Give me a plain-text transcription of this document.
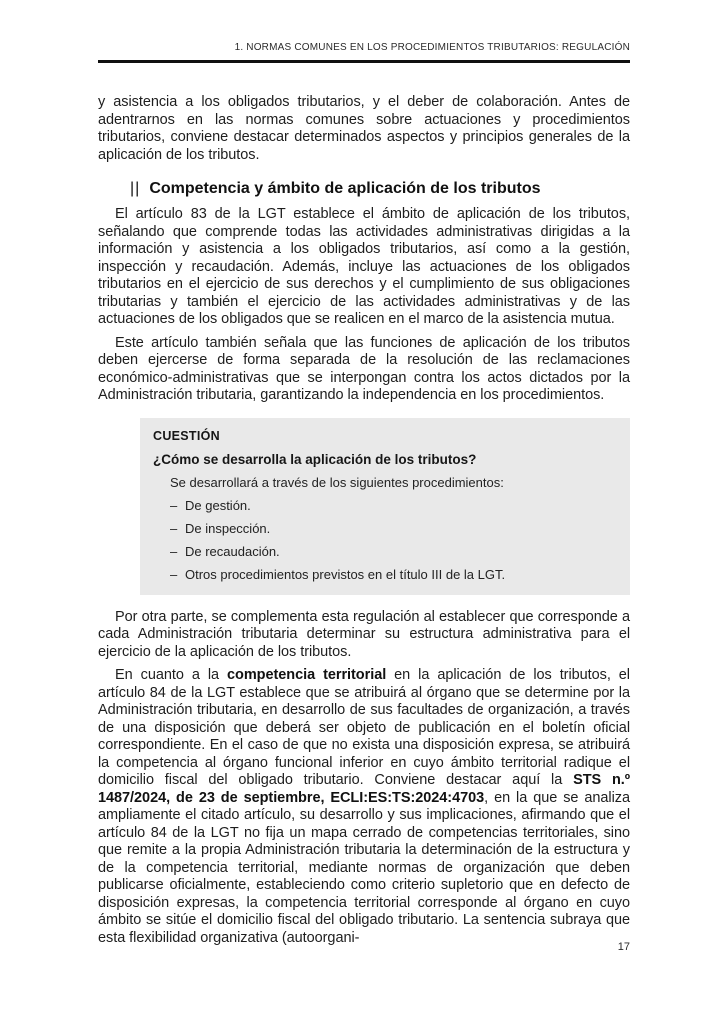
1. NORMAS COMUNES EN LOS PROCEDIMIENTOS TRIBUTARIOS: REGULACIÓN

y asistencia a los obligados tributarios, y el deber de colaboración. Antes de adentrarnos en las normas comunes sobre actuaciones y procedimientos tributarios, conviene destacar determinados aspectos y principios generales de la aplicación de los tributos.

|| Competencia y ámbito de aplicación de los tributos

El artículo 83 de la LGT establece el ámbito de aplicación de los tributos, señalando que comprende todas las actividades administrativas dirigidas a la información y asistencia a los obligados tributarios, así como a la gestión, inspección y recaudación. Además, incluye las actuaciones de los obligados tributarios en el ejercicio de sus derechos y el cumplimiento de sus obligaciones tributarias y también el ejercicio de las actividades administrativas y de las actuaciones de los obligados que se realicen en el marco de la asistencia mutua.

Este artículo también señala que las funciones de aplicación de los tributos deben ejercerse de forma separada de la resolución de las reclamaciones económico-administrativas que se interpongan contra los actos dictados por la Administración tributaria, garantizando la independencia en los procedimientos.

CUESTIÓN
¿Cómo se desarrolla la aplicación de los tributos?
Se desarrollará a través de los siguientes procedimientos:
– De gestión.
– De inspección.
– De recaudación.
– Otros procedimientos previstos en el título III de la LGT.

Por otra parte, se complementa esta regulación al establecer que corresponde a cada Administración tributaria determinar su estructura administrativa para el ejercicio de la aplicación de los tributos.

En cuanto a la competencia territorial en la aplicación de los tributos, el artículo 84 de la LGT establece que se atribuirá al órgano que se determine por la Administración tributaria, en desarrollo de sus facultades de organización, a través de una disposición que deberá ser objeto de publicación en el boletín oficial correspondiente. En el caso de que no exista una disposición expresa, se atribuirá la competencia al órgano funcional inferior en cuyo ámbito territorial radique el domicilio fiscal del obligado tributario. Conviene destacar aquí la STS n.º 1487/2024, de 23 de septiembre, ECLI:ES:TS:2024:4703, en la que se analiza ampliamente el citado artículo, su desarrollo y sus implicaciones, afirmando que el artículo 84 de la LGT no fija un mapa cerrado de competencias territoriales, sino que remite a la propia Administración tributaria la determinación de la estructura y de la competencia territorial, mediante normas de organización que deben publicarse oficialmente, estableciendo como criterio supletorio que en defecto de disposición expresas, la competencia territorial corresponde al órgano en cuyo ámbito se sitúe el domicilio fiscal del obligado tributario. La sentencia subraya que esta flexibilidad organizativa (autoorgani-

17
